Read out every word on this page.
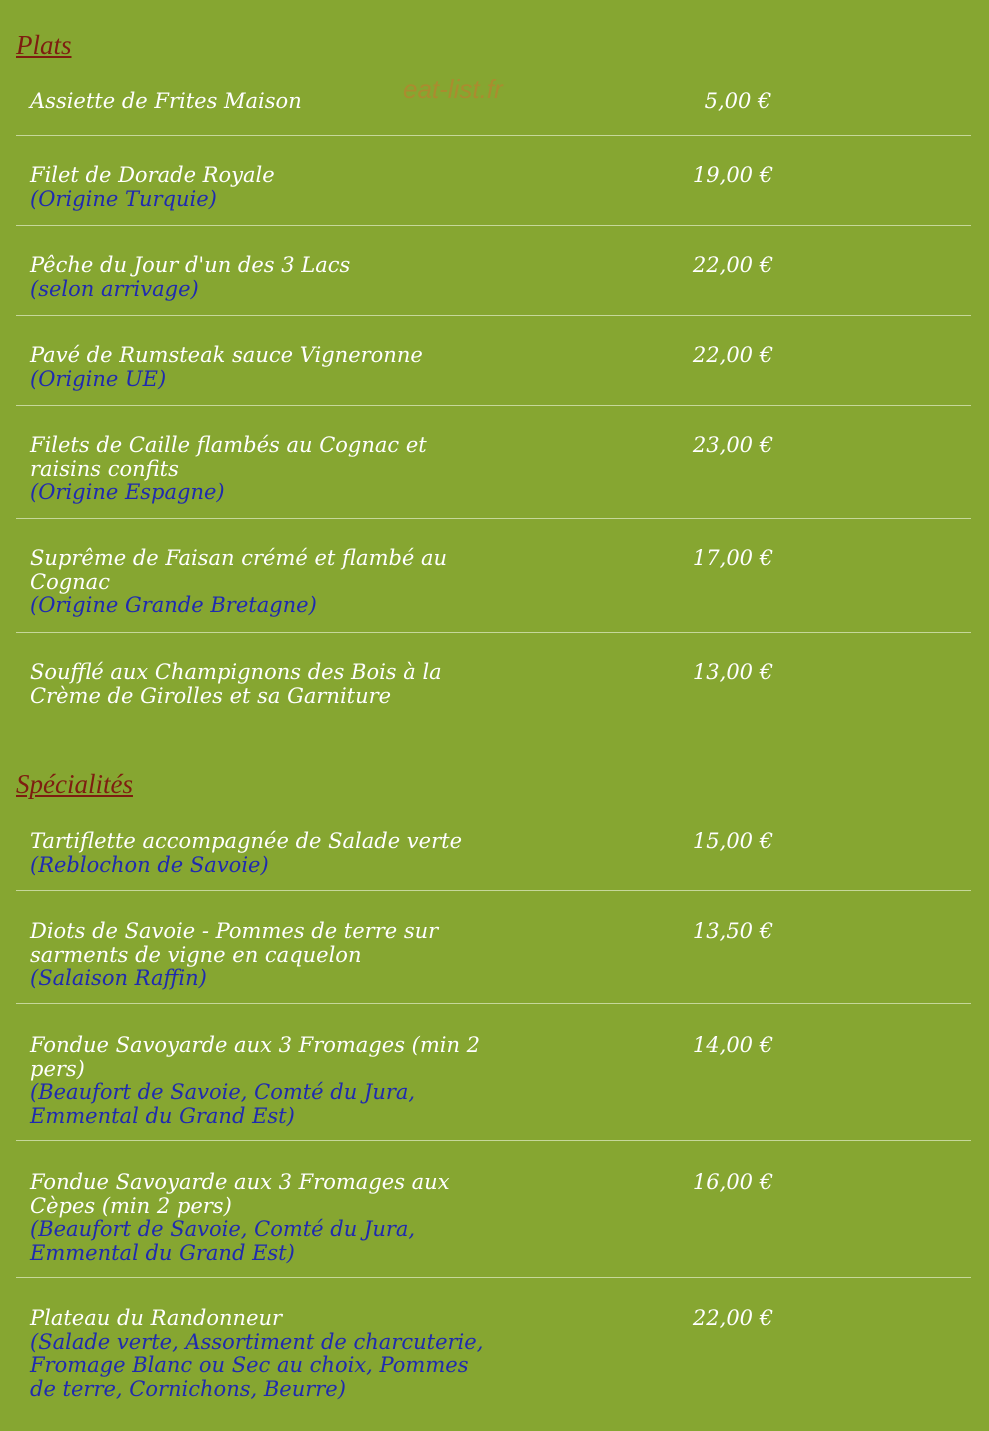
eat-list.fr
Plats
Assiette de Frites Maison	5,00 €
Filet de Dorade Royale
(Origine Turquie)
19,00 €
Pêche du Jour d'un des 3 Lacs
(selon arrivage)
22,00 €
Pavé de Rumsteak sauce Vigneronne
(Origine UE)
22,00 €
Filets de Caille flambés au Cognac et raisins confits
(Origine Espagne)
23,00 €
Suprême de Faisan crémé et flambé au Cognac
(Origine Grande Bretagne)
17,00 €
Soufflé aux Champignons des Bois à la Crème de Girolles et sa Garniture
13,00 €
Spécialités
Tartiflette accompagnée de Salade verte
(Reblochon de Savoie)
15,00 €
Diots de Savoie - Pommes de terre sur sarments de vigne en caquelon
(Salaison Raffin)
13,50 €
Fondue Savoyarde aux 3 Fromages (min 2 pers)
(Beaufort de Savoie, Comté du Jura, Emmental du Grand Est)
14,00 €
Fondue Savoyarde aux 3 Fromages aux Cèpes (min 2 pers)
(Beaufort de Savoie, Comté du Jura, Emmental du Grand Est)
16,00 €
Plateau du Randonneur
(Salade verte, Assortiment de charcuterie, Fromage Blanc ou Sec au choix, Pommes de terre, Cornichons, Beurre)
22,00 €
